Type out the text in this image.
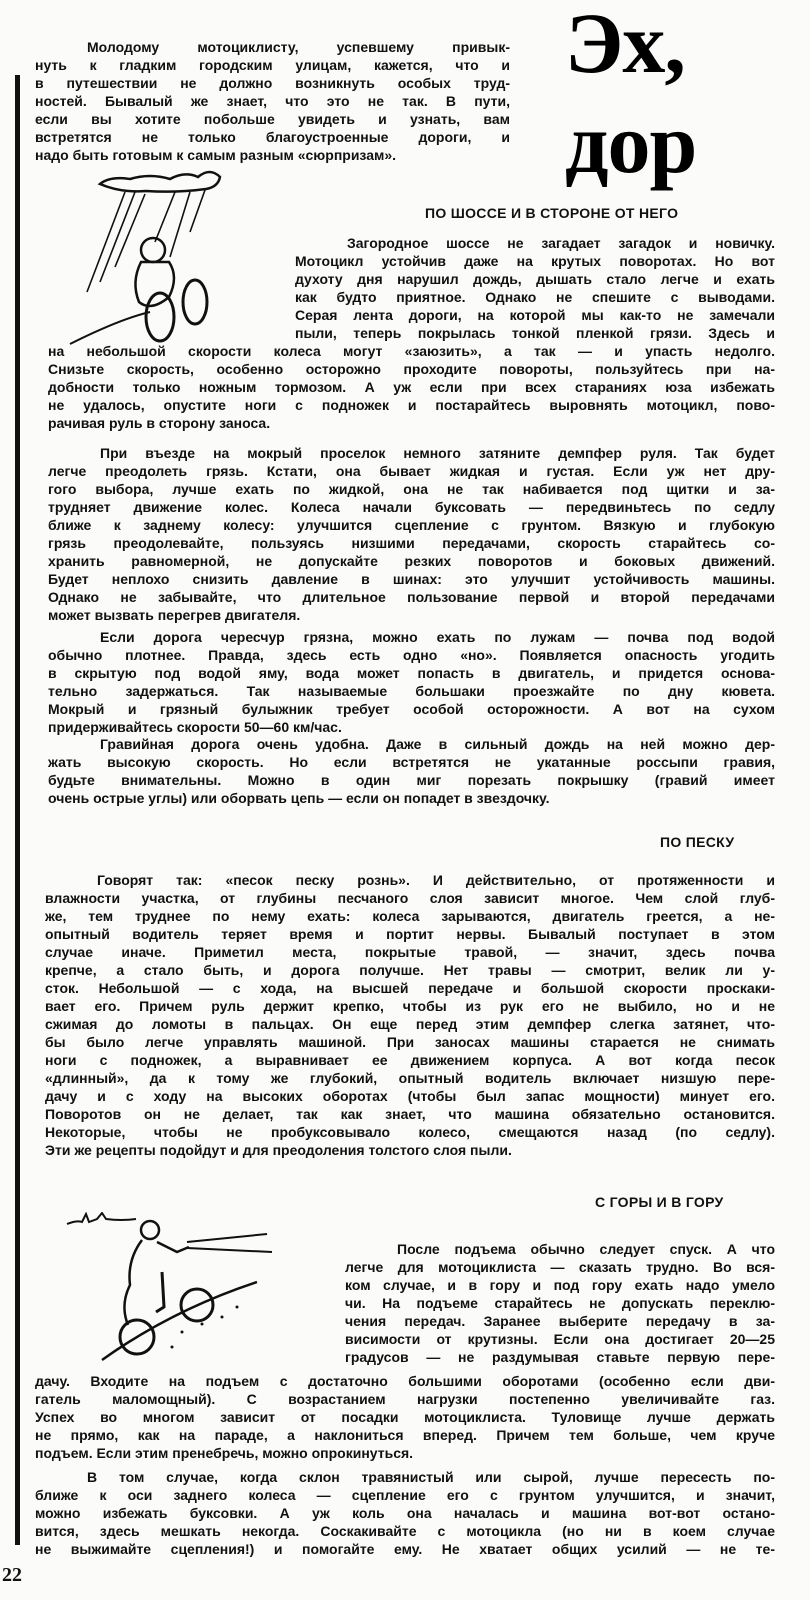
Эх,
дор
Молодому мотоциклисту, успевшему привык-
нуть к гладким городским улицам, кажется, что и
в путешествии не должно возникнуть особых труд-
ностей. Бывалый же знает, что это не так. В пути,
если вы хотите побольше увидеть и узнать, вам
встретятся не только благоустроенные дороги, и
надо быть готовым к самым разным «сюрпризам».
ПО ШОССЕ И В СТОРОНЕ ОТ НЕГО
Загородное шоссе не загадает загадок и новичку.
Мотоцикл устойчив даже на крутых поворотах. Но вот
духоту дня нарушил дождь, дышать стало легче и ехать
как будто приятное. Однако не спешите с выводами.
Серая лента дороги, на которой мы как-то не замечали
пыли, теперь покрылась тонкой пленкой грязи. Здесь и
на небольшой скорости колеса могут «заюзить», а так — и упасть недолго.
Снизьте скорость, особенно осторожно проходите повороты, пользуйтесь при на-
добности только ножным тормозом. А уж если при всех стараниях юза избежать
не удалось, опустите ноги с подножек и постарайтесь выровнять мотоцикл, пово-
рачивая руль в сторону заноса.
При въезде на мокрый проселок немного затяните демпфер руля. Так будет
легче преодолеть грязь. Кстати, она бывает жидкая и густая. Если уж нет дру-
гого выбора, лучше ехать по жидкой, она не так набивается под щитки и за-
трудняет движение колес. Колеса начали буксовать — передвиньтесь по седлу
ближе к заднему колесу: улучшится сцепление с грунтом. Вязкую и глубокую
грязь преодолевайте, пользуясь низшими передачами, скорость старайтесь со-
хранить равномерной, не допускайте резких поворотов и боковых движений.
Будет неплохо снизить давление в шинах: это улучшит устойчивость машины.
Однако не забывайте, что длительное пользование первой и второй передачами
может вызвать перегрев двигателя.
Если дорога чересчур грязна, можно ехать по лужам — почва под водой
обычно плотнее. Правда, здесь есть одно «но». Появляется опасность угодить
в скрытую под водой яму, вода может попасть в двигатель, и придется основа-
тельно задержаться. Так называемые большаки проезжайте по дну кювета.
Мокрый и грязный булыжник требует особой осторожности. А вот на сухом
придерживайтесь скорости 50—60 км/час.
Гравийная дорога очень удобна. Даже в сильный дождь на ней можно дер-
жать высокую скорость. Но если встретятся не укатанные россыпи гравия,
будьте внимательны. Можно в один миг порезать покрышку (гравий имеет
очень острые углы) или оборвать цепь — если он попадет в звездочку.
ПО ПЕСКУ
Говорят так: «песок песку рознь». И действительно, от протяженности и
влажности участка, от глубины песчаного слоя зависит многое. Чем слой глуб-
же, тем труднее по нему ехать: колеса зарываются, двигатель греется, а не-
опытный водитель теряет время и портит нервы. Бывалый поступает в этом
случае иначе. Приметил места, покрытые травой, — значит, здесь почва
крепче, а стало быть, и дорога получше. Нет травы — смотрит, велик ли у-
сток. Небольшой — с хода, на высшей передаче и большой скорости проскаки-
вает его. Причем руль держит крепко, чтобы из рук его не выбило, но и не
сжимая до ломоты в пальцах. Он еще перед этим демпфер слегка затянет, что-
бы было легче управлять машиной. При заносах машины старается не снимать
ноги с подножек, а выравнивает ее движением корпуса. А вот когда песок
«длинный», да к тому же глубокий, опытный водитель включает низшую пере-
дачу и с ходу на высоких оборотах (чтобы был запас мощности) минует его.
Поворотов он не делает, так как знает, что машина обязательно остановится.
Некоторые, чтобы не пробуксовывало колесо, смещаются назад (по седлу).
Эти же рецепты подойдут и для преодоления толстого слоя пыли.
С ГОРЫ И В ГОРУ
После подъема обычно следует спуск. А что
легче для мотоциклиста — сказать трудно. Во вся-
ком случае, и в гору и под гору ехать надо умело
чи. На подъеме старайтесь не допускать переклю-
чения передач. Заранее выберите передачу в за-
висимости от крутизны. Если она достигает 20—25
градусов — не раздумывая ставьте первую пере-
дачу. Входите на подъем с достаточно большими оборотами (особенно если дви-
гатель маломощный). С возрастанием нагрузки постепенно увеличивайте газ.
Успех во многом зависит от посадки мотоциклиста. Туловище лучше держать
не прямо, как на параде, а наклониться вперед. Причем тем больше, чем круче
подъем. Если этим пренебречь, можно опрокинуться.
В том случае, когда склон травянистый или сырой, лучше пересесть по-
ближе к оси заднего колеса — сцепление его с грунтом улучшится, и значит,
можно избежать буксовки. А уж коль она началась и машина вот-вот остано-
вится, здесь мешкать некогда. Соскакивайте с мотоцикла (но ни в коем случае
не выжимайте сцепления!) и помогайте ему. Не хватает общих усилий — не те-
22
